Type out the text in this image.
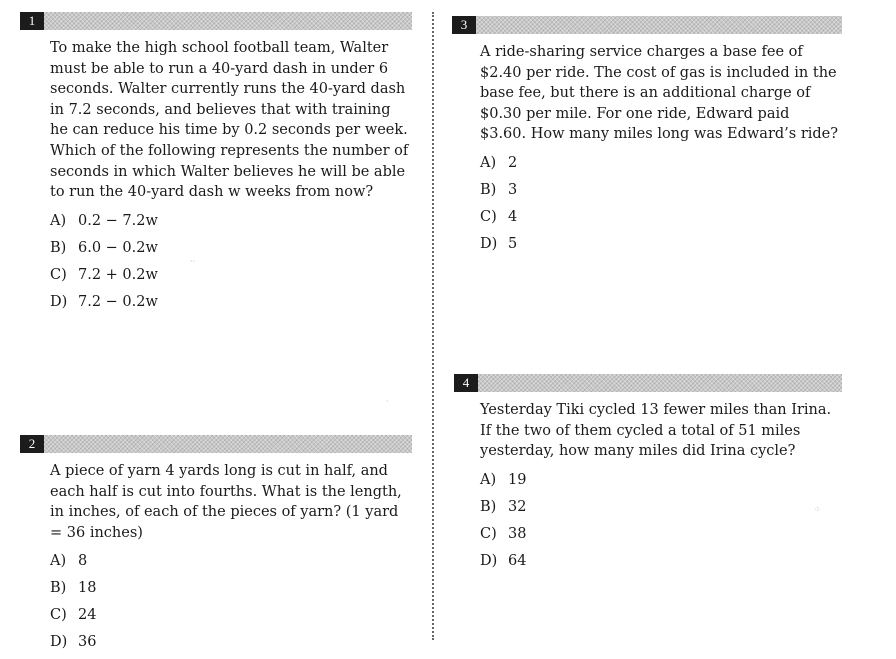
1
To make the high school football team, Walter must be able to run a 40-yard dash in under 6 seconds. Walter currently runs the 40-yard dash in 7.2 seconds, and believes that with training he can reduce his time by 0.2 seconds per week. Which of the following represents the number of seconds in which Walter believes he will be able to run the 40-yard dash w weeks from now?
A) 0.2 − 7.2w
B) 6.0 − 0.2w
C) 7.2 + 0.2w
D) 7.2 − 0.2w
2
A piece of yarn 4 yards long is cut in half, and each half is cut into fourths. What is the length, in inches, of each of the pieces of yarn? (1 yard = 36 inches)
A) 8
B) 18
C) 24
D) 36
3
A ride-sharing service charges a base fee of $2.40 per ride. The cost of gas is included in the base fee, but there is an additional charge of $0.30 per mile. For one ride, Edward paid $3.60. How many miles long was Edward’s ride?
A) 2
B) 3
C) 4
D) 5
4
Yesterday Tiki cycled 13 fewer miles than Irina. If the two of them cycled a total of 51 miles yesterday, how many miles did Irina cycle?
A) 19
B) 32
C) 38
D) 64
··
·
⁘
